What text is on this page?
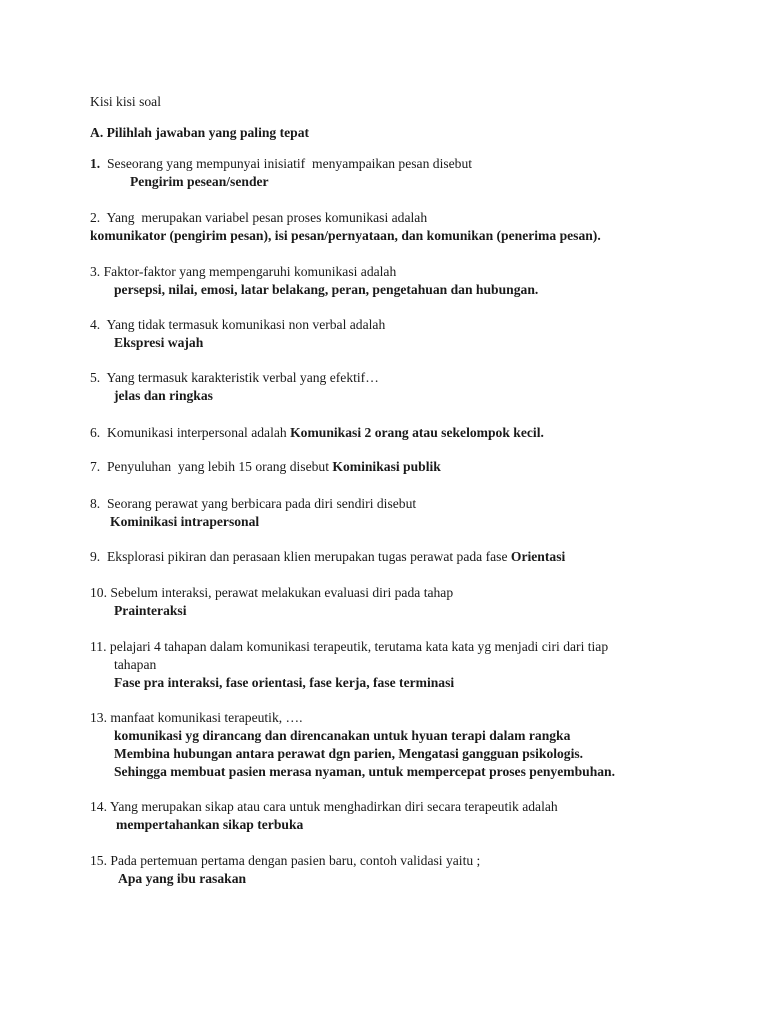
Kisi kisi soal
A. Pilihlah jawaban yang paling tepat
1.  Seseorang yang mempunyai inisiatif  menyampaikan pesan disebut
Pengirim pesean/sender
2.  Yang  merupakan variabel pesan proses komunikasi adalah
komunikator (pengirim pesan), isi pesan/pernyataan, dan komunikan (penerima pesan).
3. Faktor-faktor yang mempengaruhi komunikasi adalah
persepsi, nilai, emosi, latar belakang, peran, pengetahuan dan hubungan.
4.  Yang tidak termasuk komunikasi non verbal adalah
Ekspresi wajah
5.  Yang termasuk karakteristik verbal yang efektif…
jelas dan ringkas
6.  Komunikasi interpersonal adalah Komunikasi 2 orang atau sekelompok kecil.
7.  Penyuluhan  yang lebih 15 orang disebut Kominikasi publik
8.  Seorang perawat yang berbicara pada diri sendiri disebut
Kominikasi intrapersonal
9.  Eksplorasi pikiran dan perasaan klien merupakan tugas perawat pada fase Orientasi
10. Sebelum interaksi, perawat melakukan evaluasi diri pada tahap
Prainteraksi
11. pelajari 4 tahapan dalam komunikasi terapeutik, terutama kata kata yg menjadi ciri dari tiap
tahapan
Fase pra interaksi, fase orientasi, fase kerja, fase terminasi
13. manfaat komunikasi terapeutik, ….
komunikasi yg dirancang dan direncanakan untuk hyuan terapi dalam rangka
Membina hubungan antara perawat dgn parien, Mengatasi gangguan psikologis.
Sehingga membuat pasien merasa nyaman, untuk mempercepat proses penyembuhan.
14. Yang merupakan sikap atau cara untuk menghadirkan diri secara terapeutik adalah
mempertahankan sikap terbuka
15. Pada pertemuan pertama dengan pasien baru, contoh validasi yaitu ;
Apa yang ibu rasakan
